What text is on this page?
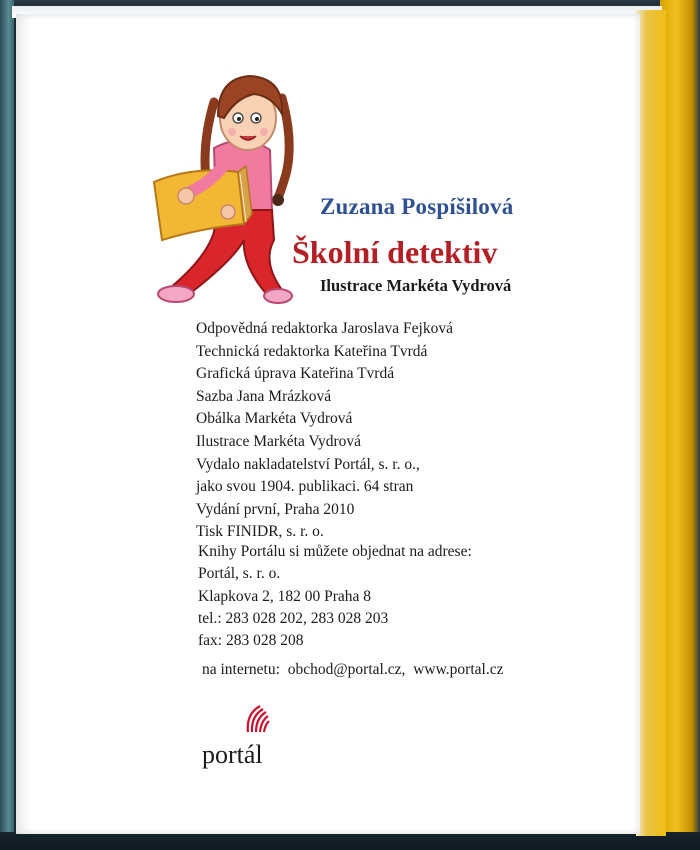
Zuzana Pospíšilová
Školní detektiv
Ilustrace Markéta Vydrová
Odpovědná redaktorka Jaroslava Fejková
Technická redaktorka Kateřina Tvrdá
Grafická úprava Kateřina Tvrdá
Sazba Jana Mrázková
Obálka Markéta Vydrová
Ilustrace Markéta Vydrová
Vydalo nakladatelství Portál, s. r. o.,
jako svou 1904. publikaci. 64 stran
Vydání první, Praha 2010
Tisk FINIDR, s. r. o.
Knihy Portálu si můžete objednat na adrese:
Portál, s. r. o.
Klapkova 2, 182 00 Praha 8
tel.: 283 028 202, 283 028 203
fax: 283 028 208
na internetu: obchod@portal.cz, www.portal.cz
portál
